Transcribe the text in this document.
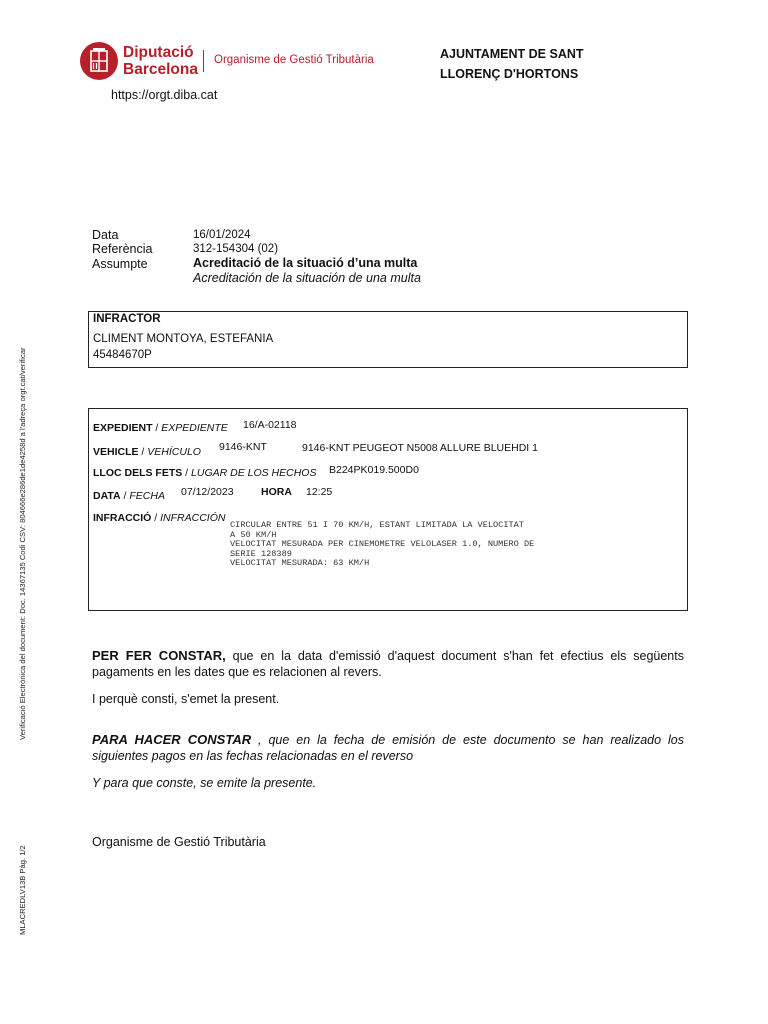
Diputació
Barcelona
Organisme de Gestió Tributària	AJUNTAMENT DE SANT
LLORENÇ D'HORTONS
https://orgt.diba.cat
Data	16/01/2024
Referència	312-154304 (02)
Assumpte	Acreditació de la situació d’una multa
Acreditación de la situación de una multa
INFRACTOR
CLIMENT MONTOYA, ESTEFANIA
45484670P
EXPEDIENT / EXPEDIENTE 16/A-02118
VEHICLE / VEHÍCULO 9146-KNT	9146-KNT PEUGEOT N5008 ALLURE BLUEHDI 1
LLOC DELS FETS / LUGAR DE LOS HECHOS B224PK019.500D0
DATA / FECHA 07/12/2023	HORA 12:25
INFRACCIÓ / INFRACCIÓN
CIRCULAR ENTRE 51 I 70 KM/H, ESTANT LIMITADA LA VELOCITAT
A 50 KM/H
VELOCITAT MESURADA PER CINEMOMETRE VELOLASER 1.0, NUMERO DE
SERIE 128389
VELOCITAT MESURADA: 63 KM/H
PER FER CONSTAR, que en la data d'emissió d'aquest document s'han fet efectius els següents pagaments en les dates que es relacionen al revers.
I perquè consti, s'emet la present.
PARA HACER CONSTAR , que en la fecha de emisión de este documento se han realizado los siguientes pagos en las fechas relacionadas en el reverso
Y para que conste, se emite la presente.
Organisme de Gestió Tributària
Verificació Electrònica del document: Doc. 14367135 Codi CSV: 804666e286de1de4258d a l'adreça orgt.cat/verificar
MLACREDLV13B Pàg. 1/2
